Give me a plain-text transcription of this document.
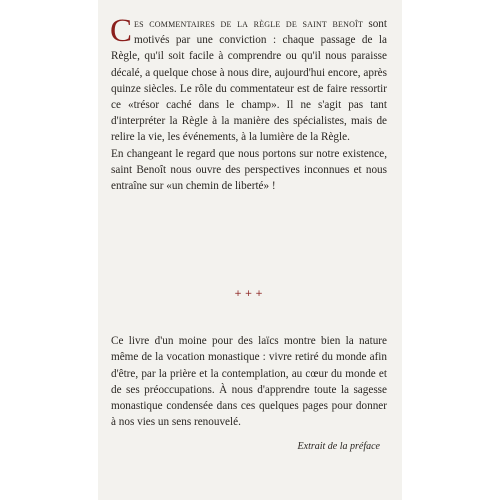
Ces commentaires de la règle de saint benoît sont motivés par une conviction : chaque passage de la Règle, qu'il soit facile à comprendre ou qu'il nous paraisse décalé, a quelque chose à nous dire, aujourd'hui encore, après quinze siècles. Le rôle du commentateur est de faire ressortir ce «trésor caché dans le champ». Il ne s'agit pas tant d'interpréter la Règle à la manière des spécialistes, mais de relire la vie, les événements, à la lumière de la Règle.

En changeant le regard que nous portons sur notre existence, saint Benoît nous ouvre des perspectives inconnues et nous entraîne sur «un chemin de liberté» !

+++

Ce livre d'un moine pour des laïcs montre bien la nature même de la vocation monastique : vivre retiré du monde afin d'être, par la prière et la contemplation, au cœur du monde et de ses préoccupations. À nous d'apprendre toute la sagesse monastique condensée dans ces quelques pages pour donner à nos vies un sens renouvelé.

Extrait de la préface
